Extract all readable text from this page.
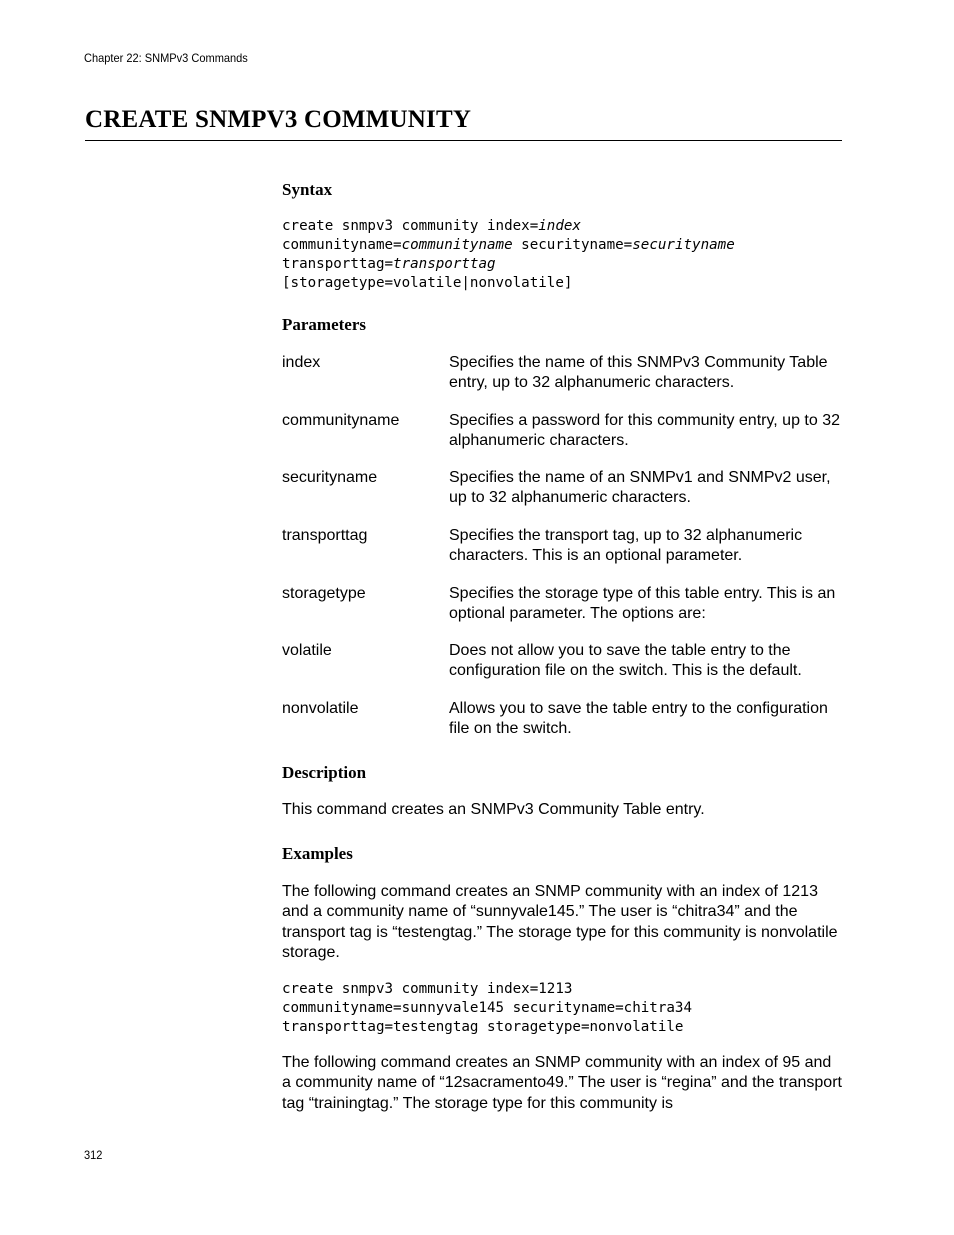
Chapter 22: SNMPv3 Commands
CREATE SNMPV3 COMMUNITY
Syntax
create snmpv3 community index=index
communityname=communityname securityname=securityname
transporttag=transporttag
[storagetype=volatile|nonvolatile]
Parameters
index	Specifies the name of this SNMPv3 Community Table entry, up to 32 alphanumeric characters.
communityname	Specifies a password for this community entry, up to 32 alphanumeric characters.
securityname	Specifies the name of an SNMPv1 and SNMPv2 user, up to 32 alphanumeric characters.
transporttag	Specifies the transport tag, up to 32 alphanumeric characters. This is an optional parameter.
storagetype	Specifies the storage type of this table entry. This is an optional parameter. The options are:
volatile	Does not allow you to save the table entry to the configuration file on the switch. This is the default.
nonvolatile	Allows you to save the table entry to the configuration file on the switch.
Description
This command creates an SNMPv3 Community Table entry.
Examples
The following command creates an SNMP community with an index of 1213 and a community name of “sunnyvale145.” The user is “chitra34” and the transport tag is “testengtag.” The storage type for this community is nonvolatile storage.
create snmpv3 community index=1213
communityname=sunnyvale145 securityname=chitra34
transporttag=testengtag storagetype=nonvolatile
The following command creates an SNMP community with an index of 95 and a community name of “12sacramento49.” The user is “regina” and the transport tag “trainingtag.” The storage type for this community is
312
